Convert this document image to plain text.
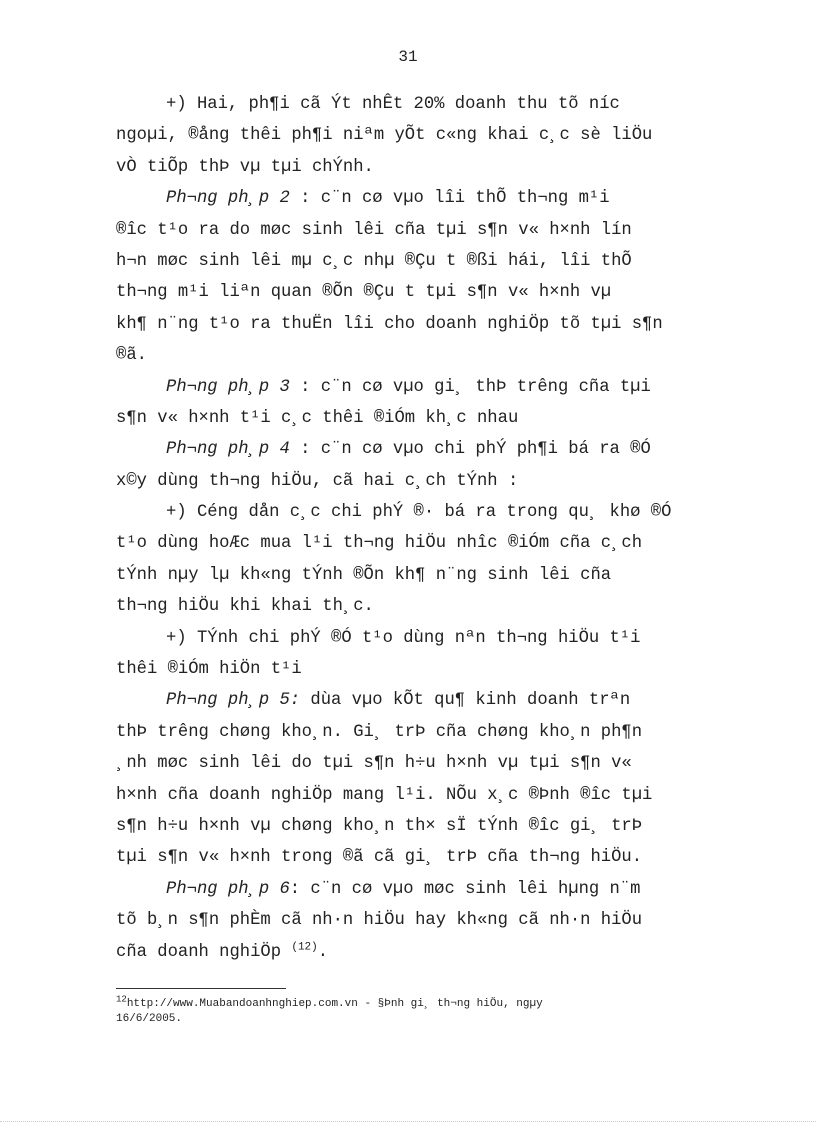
31
+) Hai, ph¶i cã Ýt nhÊt 20% doanh thu tõ níc
ngoµi, ®ång thêi ph¶i niªm yÕt c«ng khai c¸c sè liÖu
vÒ tiÕp thÞ vµ tµi chÝnh.
Ph¬ng ph¸p 2 : c¨n cø vµo lîi thÕ th¬ng m¹i
®îc t¹o ra do møc sinh lêi cña tµi s¶n v« h×nh lín
h¬n møc sinh lêi mµ c¸c nhµ ®Çu t ®ßi hái, lîi thÕ
th¬ng m¹i liªn quan ®Õn ®Çu t tµi s¶n v« h×nh vµ
kh¶ n¨ng t¹o ra thuËn lîi cho doanh nghiÖp tõ tµi s¶n
®ã.
Ph¬ng ph¸p 3 : c¨n cø vµo gi¸ thÞ trêng cña tµi
s¶n v« h×nh t¹i c¸c thêi ®iÓm kh¸c nhau
Ph¬ng ph¸p 4 : c¨n cø vµo chi phÝ ph¶i bá ra ®Ó
x©y dùng th¬ng hiÖu, cã hai c¸ch tÝnh :
+) Céng dån c¸c chi phÝ ®· bá ra trong qu¸ khø ®Ó
t¹o dùng hoÆc mua l¹i th¬ng hiÖu nhîc ®iÓm cña c¸ch
tÝnh nµy lµ kh«ng tÝnh ®Õn kh¶ n¨ng sinh lêi cña
th¬ng hiÖu khi khai th¸c.
+) TÝnh chi phÝ ®Ó t¹o dùng nªn th¬ng hiÖu t¹i
thêi ®iÓm hiÖn t¹i
Ph¬ng ph¸p 5: dùa vµo kÕt qu¶ kinh doanh trªn
thÞ trêng chøng kho¸n. Gi¸ trÞ cña chøng kho¸n ph¶n
¸nh møc sinh lêi do tµi s¶n h÷u h×nh vµ tµi s¶n v«
h×nh cña doanh nghiÖp mang l¹i. NÕu x¸c ®Þnh ®îc tµi
s¶n h÷u h×nh vµ chøng kho¸n th× sÏ tÝnh ®îc gi¸ trÞ
tµi s¶n v« h×nh trong ®ã cã gi¸ trÞ cña th¬ng hiÖu.
Ph¬ng ph¸p 6: c¨n cø vµo møc sinh lêi hµng n¨m
tõ b¸n s¶n phÈm cã nh·n hiÖu hay kh«ng cã nh·n hiÖu
cña doanh nghiÖp $^{(12)}$.
$^{12}$http://www.Muabandoanhnghiep.com.vn - §Þnh gi¸ th¬ng hiÖu, ngµy
16/6/2005.
